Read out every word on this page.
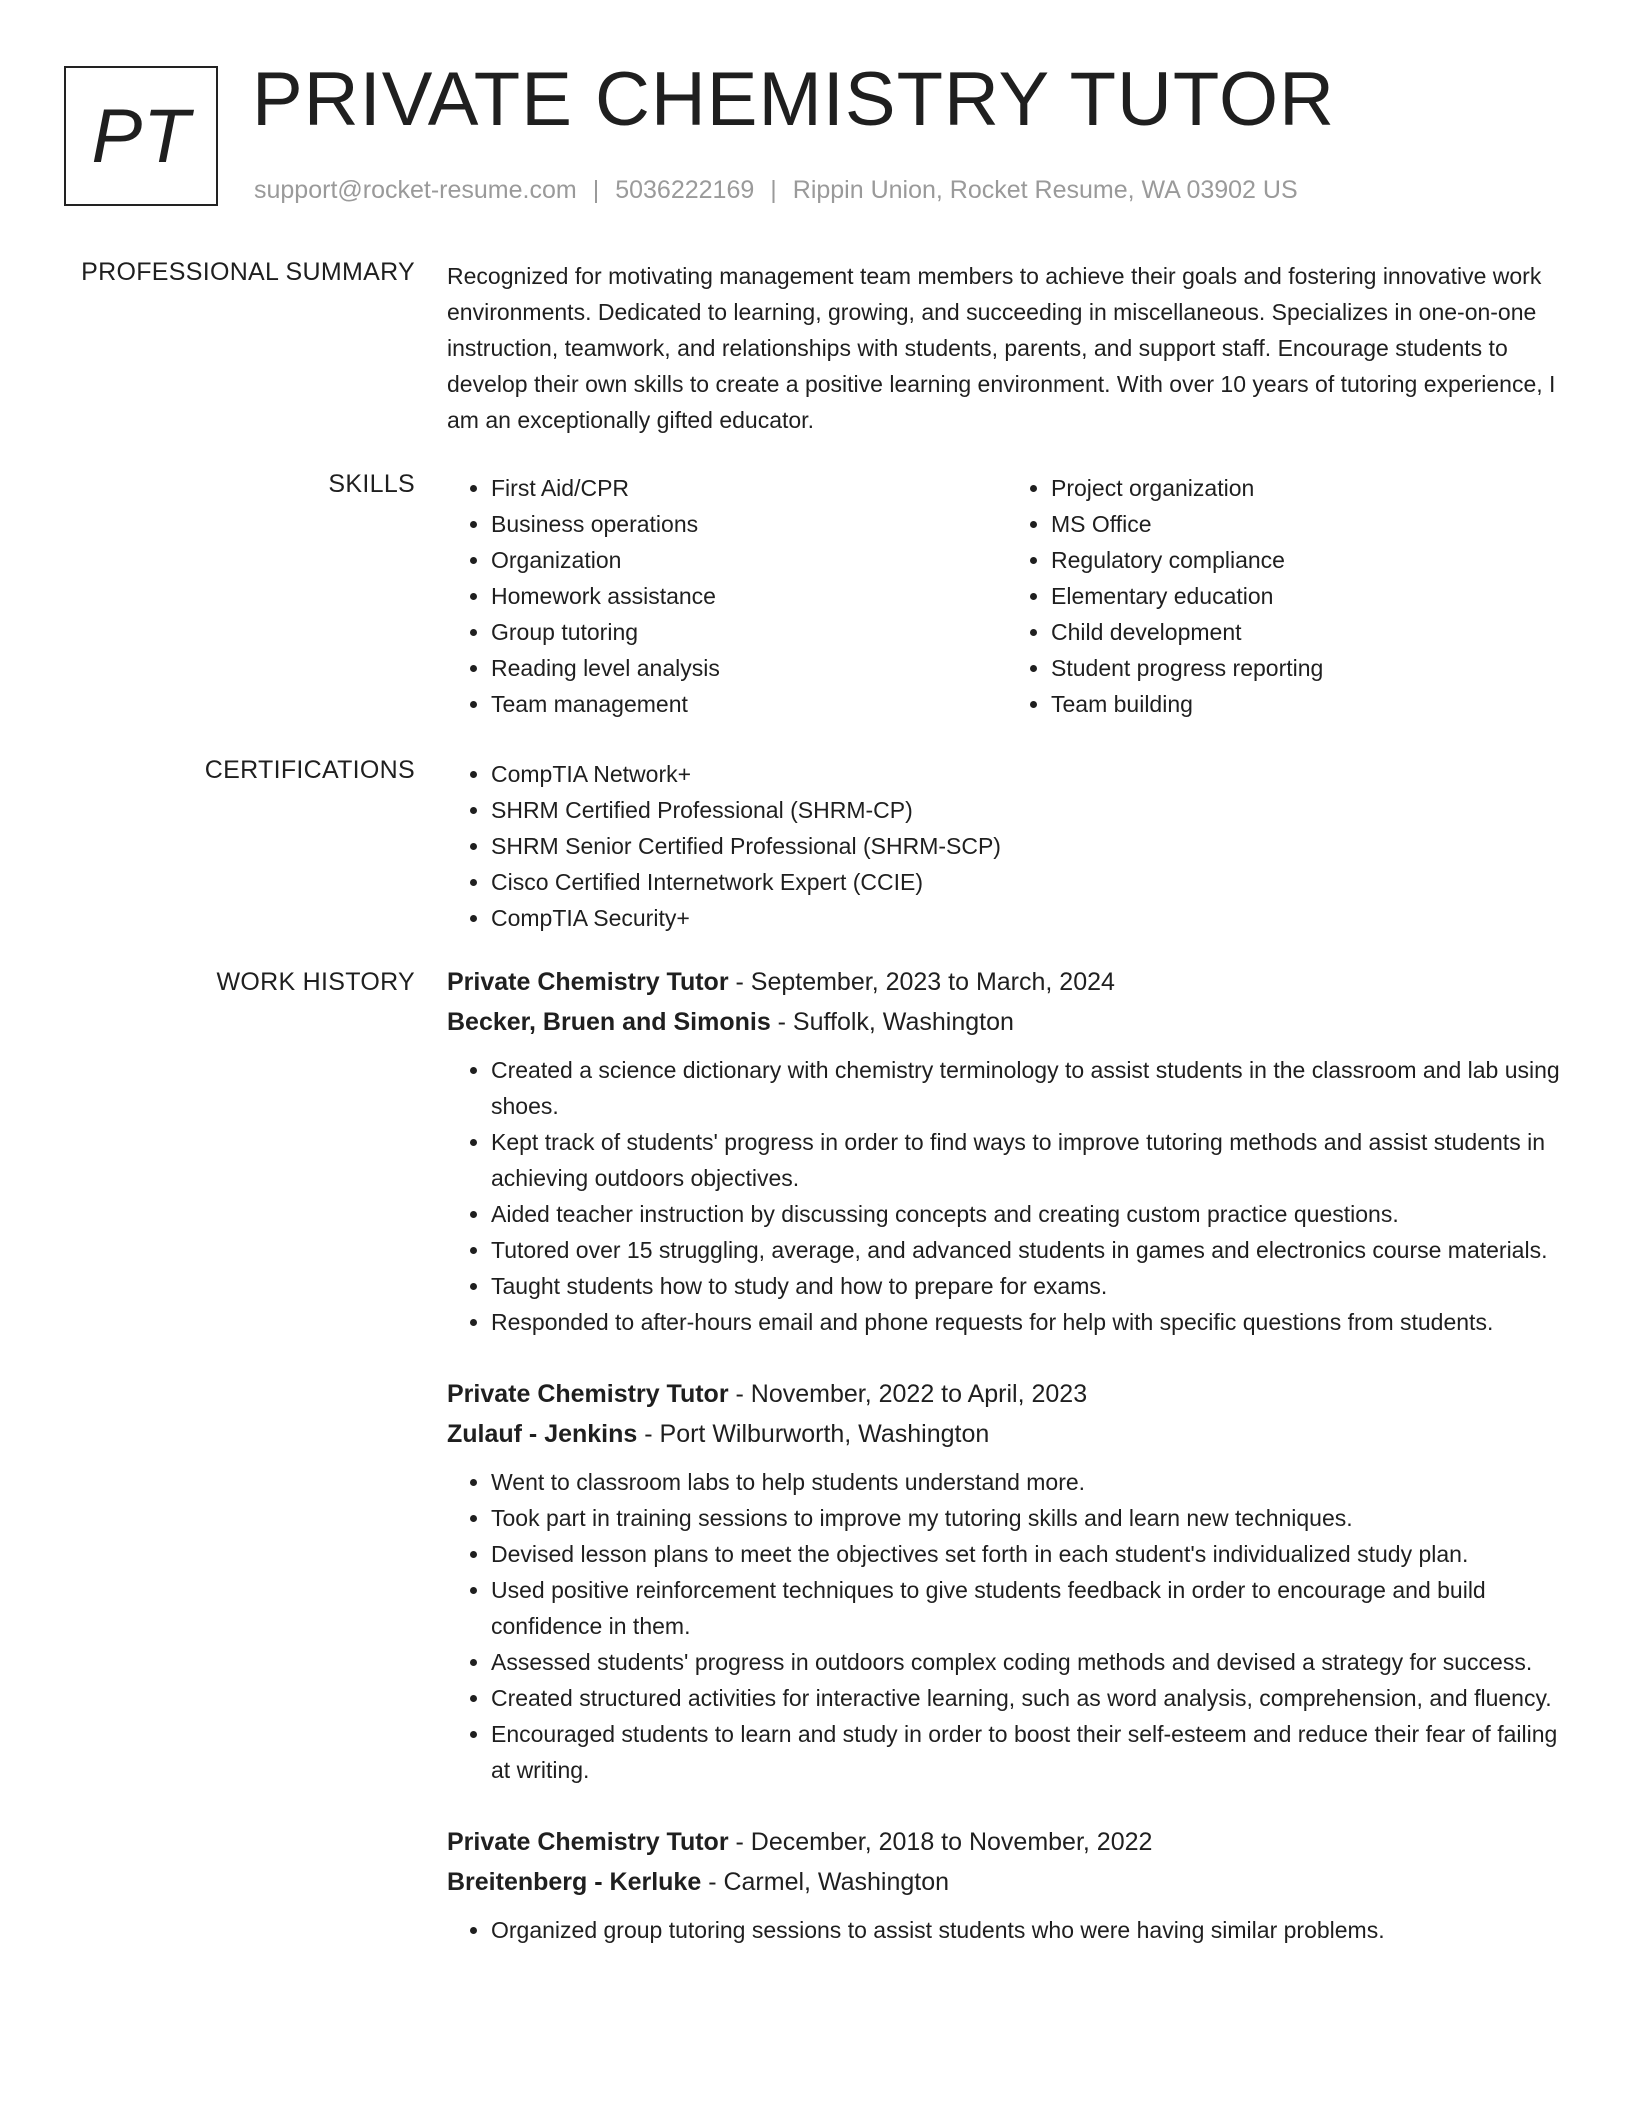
PT PRIVATE CHEMISTRY TUTOR
support@rocket-resume.com | 5036222169 | Rippin Union, Rocket Resume, WA 03902 US
PROFESSIONAL SUMMARY Recognized for motivating management team members to achieve their goals and fostering innovative work environments. Dedicated to learning, growing, and succeeding in miscellaneous. Specializes in one-on-one instruction, teamwork, and relationships with students, parents, and support staff. Encourage students to develop their own skills to create a positive learning environment. With over 10 years of tutoring experience, I am an exceptionally gifted educator.
SKILLS	• First Aid/CPR
• Business operations
• Organization
• Homework assistance
• Group tutoring
• Reading level analysis
• Team management
• Project organization
• MS Office
• Regulatory compliance
• Elementary education
• Child development
• Student progress reporting
• Team building
CERTIFICATIONS	• CompTIA Network+
• SHRM Certified Professional (SHRM-CP)
• SHRM Senior Certified Professional (SHRM-SCP)
• Cisco Certified Internetwork Expert (CCIE)
• CompTIA Security+
WORK HISTORY Private Chemistry Tutor - September, 2023 to March, 2024
Becker, Bruen and Simonis - Suffolk, Washington
• Created a science dictionary with chemistry terminology to assist students in the classroom and lab using shoes.
• Kept track of students' progress in order to find ways to improve tutoring methods and assist students in achieving outdoors objectives.
• Aided teacher instruction by discussing concepts and creating custom practice questions.
• Tutored over 15 struggling, average, and advanced students in games and electronics course materials.
• Taught students how to study and how to prepare for exams.
• Responded to after-hours email and phone requests for help with specific questions from students.
Private Chemistry Tutor - November, 2022 to April, 2023
Zulauf - Jenkins - Port Wilburworth, Washington
• Went to classroom labs to help students understand more.
• Took part in training sessions to improve my tutoring skills and learn new techniques.
• Devised lesson plans to meet the objectives set forth in each student's individualized study plan.
• Used positive reinforcement techniques to give students feedback in order to encourage and build confidence in them.
• Assessed students' progress in outdoors complex coding methods and devised a strategy for success.
• Created structured activities for interactive learning, such as word analysis, comprehension, and fluency.
• Encouraged students to learn and study in order to boost their self-esteem and reduce their fear of failing at writing.
Private Chemistry Tutor - December, 2018 to November, 2022
Breitenberg - Kerluke - Carmel, Washington
• Organized group tutoring sessions to assist students who were having similar problems.
